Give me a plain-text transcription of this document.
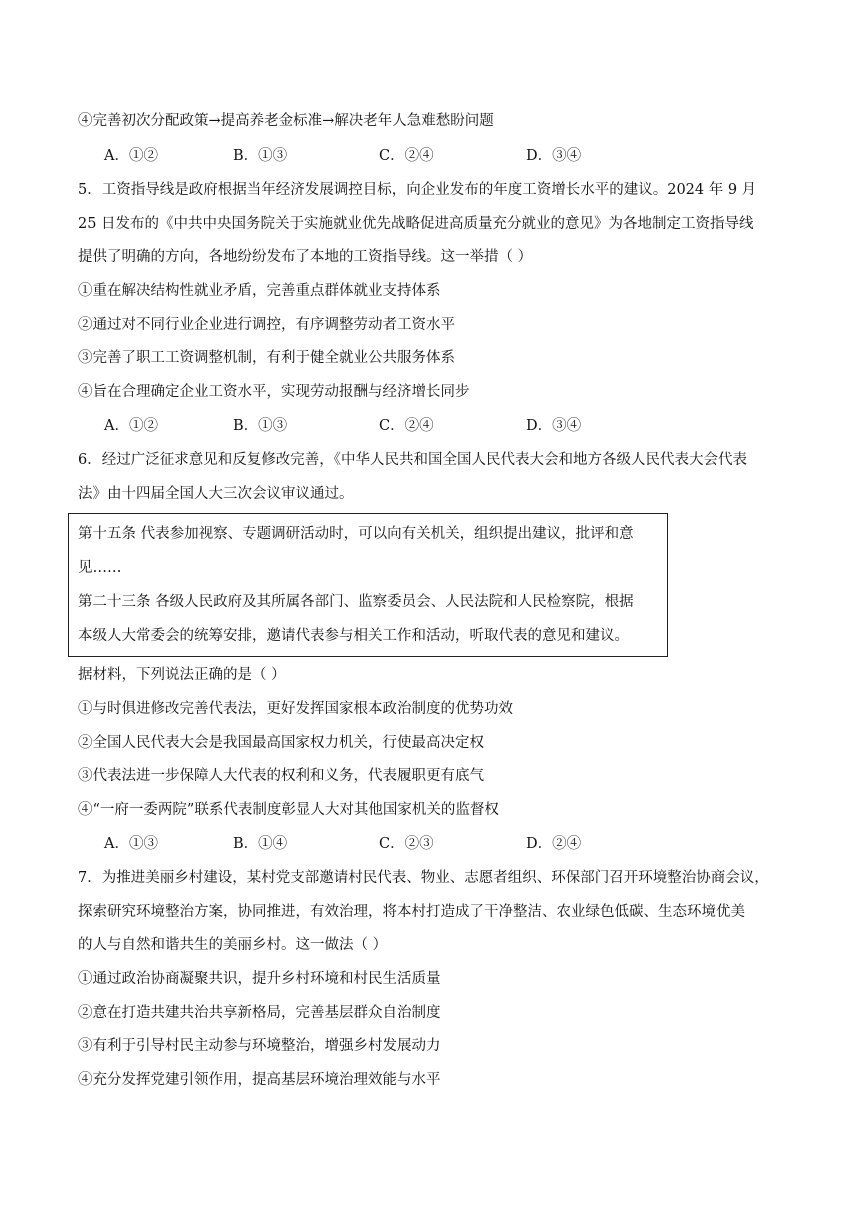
④完善初次分配政策→提高养老金标准→解决老年人急难愁盼问题
A．①②	B．①③	C．②④	D．③④
5．工资指导线是政府根据当年经济发展调控目标，向企业发布的年度工资增长水平的建议。2024 年 9 月
25 日发布的《中共中央国务院关于实施就业优先战略促进高质量充分就业的意见》为各地制定工资指导线
提供了明确的方向，各地纷纷发布了本地的工资指导线。这一举措（ ）
①重在解决结构性就业矛盾，完善重点群体就业支持体系
②通过对不同行业企业进行调控，有序调整劳动者工资水平
③完善了职工工资调整机制，有利于健全就业公共服务体系
④旨在合理确定企业工资水平，实现劳动报酬与经济增长同步
A．①②	B．①③	C．②④	D．③④
6．经过广泛征求意见和反复修改完善，《中华人民共和国全国人民代表大会和地方各级人民代表大会代表
法》由十四届全国人大三次会议审议通过。
第十五条 代表参加视察、专题调研活动时，可以向有关机关，组织提出建议，批评和意
见……
第二十三条 各级人民政府及其所属各部门、监察委员会、人民法院和人民检察院，根据
本级人大常委会的统筹安排，邀请代表参与相关工作和活动，听取代表的意见和建议。
据材料，下列说法正确的是（ ）
①与时俱进修改完善代表法，更好发挥国家根本政治制度的优势功效
②全国人民代表大会是我国最高国家权力机关，行使最高决定权
③代表法进一步保障人大代表的权利和义务，代表履职更有底气
④“一府一委两院”联系代表制度彰显人大对其他国家机关的监督权
A．①③	B．①④	C．②③	D．②④
7．为推进美丽乡村建设，某村党支部邀请村民代表、物业、志愿者组织、环保部门召开环境整治协商会议，
探索研究环境整治方案，协同推进，有效治理，将本村打造成了干净整洁、农业绿色低碳、生态环境优美
的人与自然和谐共生的美丽乡村。这一做法（ ）
①通过政治协商凝聚共识，提升乡村环境和村民生活质量
②意在打造共建共治共享新格局，完善基层群众自治制度
③有利于引导村民主动参与环境整治，增强乡村发展动力
④充分发挥党建引领作用，提高基层环境治理效能与水平
